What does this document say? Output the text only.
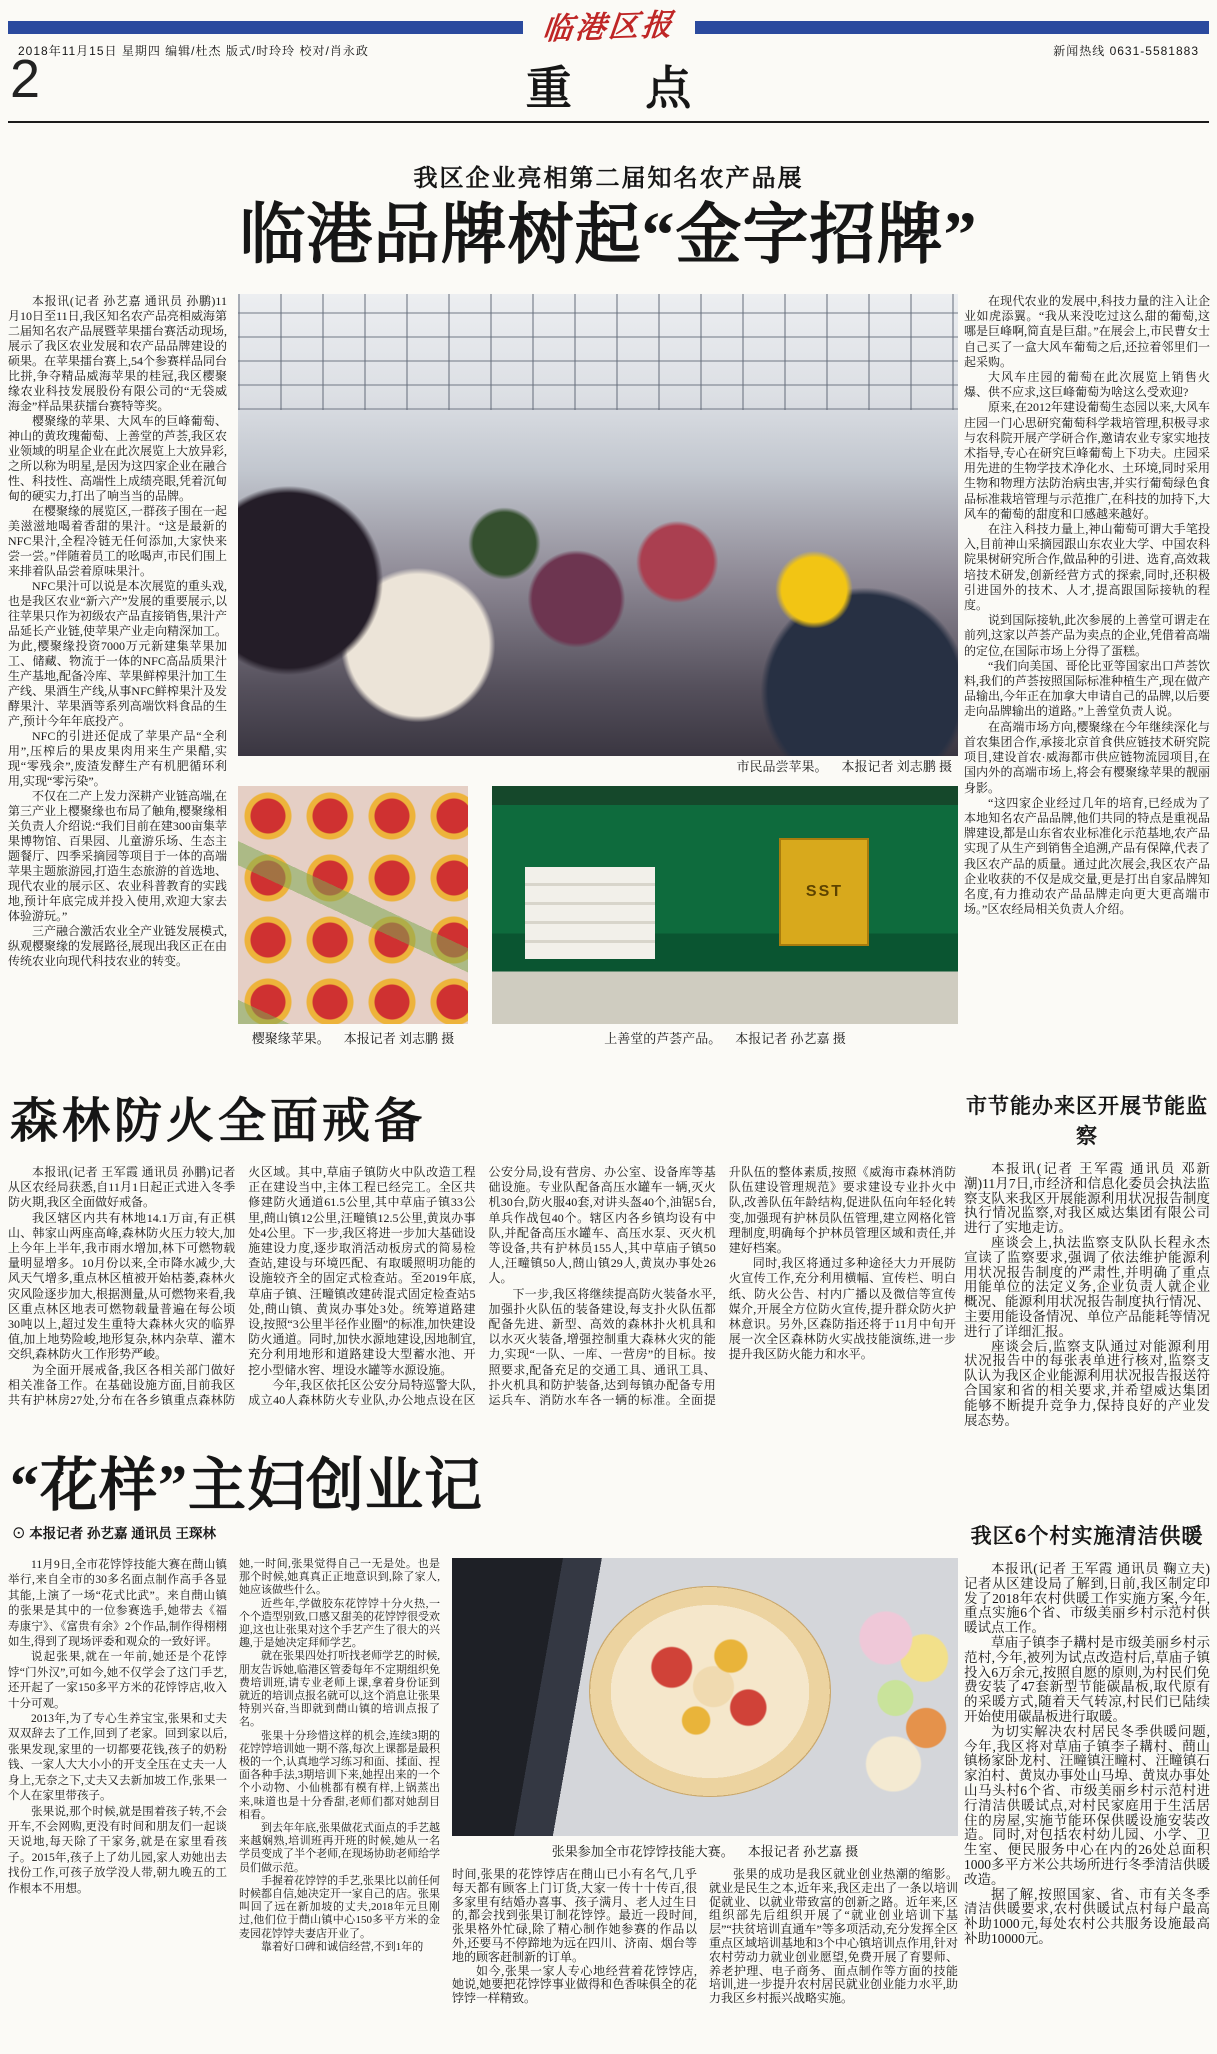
临港区报
2018年11月15日 星期四 编辑/杜杰 版式/时玲玲 校对/肖永政	新闻热线 0631-5581883
2	重点
我区企业亮相第二届知名农产品展
临港品牌树起“金字招牌”

本报讯(记者 孙艺嘉 通讯员 孙鹏)11月10日至11日,我区知名农产品亮相威海第二届知名农产品展暨苹果擂台赛活动现场,展示了我区农业发展和农产品品牌建设的硕果。在苹果擂台赛上,54个参赛样品同台比拼,争夺精品威海苹果的桂冠,我区樱聚缘农业科技发展股份有限公司的“无袋威海金”样品果获擂台赛特等奖。

樱聚缘的苹果、大风车的巨峰葡萄、神山的黄玫瑰葡萄、上善堂的芦荟,我区农业领域的明星企业在此次展览上大放异彩,之所以称为明星,是因为这四家企业在融合性、科技性、高端性上成绩亮眼,凭着沉甸甸的硬实力,打出了响当当的品牌。

在樱聚缘的展览区,一群孩子围在一起美滋滋地喝着香甜的果汁。“这是最新的NFC果汁,全程冷链无任何添加,大家快来尝一尝。”伴随着员工的吆喝声,市民们围上来排着队品尝着原味果汁。

NFC果汁可以说是本次展览的重头戏,也是我区农业“新六产”发展的重要展示,以往苹果只作为初级农产品直接销售,果汁产品延长产业链,使苹果产业走向精深加工。为此,樱聚缘投资7000万元新建集苹果加工、储藏、物流于一体的NFC高品质果汁生产基地,配备冷库、苹果鲜榨果汁加工生产线、果酒生产线,从事NFC鲜榨果汁及发酵果汁、苹果酒等系列高端饮料食品的生产,预计今年年底投产。

NFC的引进还促成了苹果产品“全利用”,压榨后的果皮果肉用来生产果醋,实现“零残余”,废渣发酵生产有机肥循环利用,实现“零污染”。

不仅在二产上发力深耕产业链高端,在第三产业上樱聚缘也布局了触角,樱聚缘相关负责人介绍说:“我们目前在建300亩集苹果博物馆、百果园、儿童游乐场、生态主题餐厅、四季采摘园等项目于一体的高端苹果主题旅游园,打造生态旅游的首选地、现代农业的展示区、农业科普教育的实践地,预计年底完成并投入使用,欢迎大家去体验游玩。”

三产融合激活农业全产业链发展模式,纵观樱聚缘的发展路径,展现出我区正在由传统农业向现代科技农业的转变。

市民品尝苹果。 本报记者 刘志鹏 摄
SST
樱聚缘苹果。 本报记者 刘志鹏 摄	上善堂的芦荟产品。 本报记者 孙艺嘉 摄

在现代农业的发展中,科技力量的注入让企业如虎添翼。“我从来没吃过这么甜的葡萄,这哪是巨峰啊,简直是巨甜。”在展会上,市民曹女士自己买了一盒大风车葡萄之后,还拉着邻里们一起采购。

大风车庄园的葡萄在此次展览上销售火爆、供不应求,这巨峰葡萄为啥这么受欢迎?

原来,在2012年建设葡萄生态园以来,大风车庄园一门心思研究葡萄科学栽培管理,积极寻求与农科院开展产学研合作,邀请农业专家实地技术指导,专心在研究巨峰葡萄上下功夫。庄园采用先进的生物学技术净化水、土环境,同时采用生物和物理方法防治病虫害,并实行葡萄绿色食品标准栽培管理与示范推广,在科技的加持下,大风车的葡萄的甜度和口感越来越好。

在注入科技力量上,神山葡萄可谓大手笔投入,目前神山采摘园跟山东农业大学、中国农科院果树研究所合作,做品种的引进、选育,高效栽培技术研发,创新经营方式的探索,同时,还积极引进国外的技术、人才,提高跟国际接轨的程度。

说到国际接轨,此次参展的上善堂可谓走在前列,这家以芦荟产品为卖点的企业,凭借着高端的定位,在国际市场上分得了蛋糕。

“我们向美国、哥伦比亚等国家出口芦荟饮料,我们的芦荟按照国际标准种植生产,现在做产品输出,今年正在加拿大申请自己的品牌,以后要走向品牌输出的道路。”上善堂负责人说。

在高端市场方向,樱聚缘在今年继续深化与首农集团合作,承接北京首食供应链技术研究院项目,建设首农·威海都市供应链物流园项目,在国内外的高端市场上,将会有樱聚缘苹果的靓丽身影。

“这四家企业经过几年的培育,已经成为了本地知名农产品品牌,他们共同的特点是重视品牌建设,都是山东省农业标准化示范基地,农产品实现了从生产到销售全追溯,产品有保障,代表了我区农产品的质量。通过此次展会,我区农产品企业收获的不仅是成交量,更是打出自家品牌知名度,有力推动农产品品牌走向更大更高端市场。”区农经局相关负责人介绍。

森林防火全面戒备

本报讯(记者 王军霞 通讯员 孙鹏)记者从区农经局获悉,自11月1日起正式进入冬季防火期,我区全面做好戒备。

我区辖区内共有林地14.1万亩,有正棋山、韩家山两座高峰,森林防火压力较大,加上今年上半年,我市雨水增加,林下可燃物载量明显增多。10月份以来,全市降水减少,大风天气增多,重点林区植被开始枯萎,森林火灾风险逐步加大,根据测量,从可燃物来看,我区重点林区地表可燃物载量普遍在每公顷30吨以上,超过发生重特大森林火灾的临界值,加上地势险峻,地形复杂,林内杂草、灌木交织,森林防火工作形势严峻。

为全面开展戒备,我区各相关部门做好相关准备工作。在基础设施方面,目前我区共有护林房27处,分布在各乡镇重点森林防火区域。其中,草庙子镇防火中队改造工程正在建设当中,主体工程已经完工。全区共修建防火通道61.5公里,其中草庙子镇33公里,蔄山镇12公里,汪疃镇12.5公里,黄岚办事处4公里。下一步,我区将进一步加大基础设施建设力度,逐步取消活动板房式的简易检查站,建设与环境匹配、有取暖照明功能的设施较齐全的固定式检查站。至2019年底,草庙子镇、汪疃镇改建砖混式固定检查站5处,蔄山镇、黄岚办事处3处。统筹道路建设,按照“3公里半径作业圈”的标准,加快建设防火通道。同时,加快水源地建设,因地制宜,充分利用地形和道路建设大型蓄水池、开挖小型储水窖、埋设水罐等水源设施。

今年,我区依托区公安分局特巡警大队,成立40人森林防火专业队,办公地点设在区公安分局,设有营房、办公室、设备库等基础设施。专业队配备高压水罐车一辆,灭火机30台,防火服40套,对讲头盔40个,油锯5台,单兵作战包40个。辖区内各乡镇均设有中队,并配备高压水罐车、高压水泵、灭火机等设备,共有护林员155人,其中草庙子镇50人,汪疃镇50人,蔄山镇29人,黄岚办事处26人。

下一步,我区将继续提高防火装备水平,加强扑火队伍的装备建设,每支扑火队伍都配备先进、新型、高效的森林扑火机具和以水灭火装备,增强控制重大森林火灾的能力,实现“一队、一库、一营房”的目标。按照要求,配备充足的交通工具、通讯工具、扑火机具和防护装备,达到每镇办配备专用运兵车、消防水车各一辆的标准。全面提升队伍的整体素质,按照《威海市森林消防队伍建设管理规范》要求建设专业扑火中队,改善队伍年龄结构,促进队伍向年轻化转变,加强现有护林员队伍管理,建立网格化管理制度,明确每个护林员管理区域和责任,并建好档案。

同时,我区将通过多种途径大力开展防火宣传工作,充分利用横幅、宣传栏、明白纸、防火公告、村内广播以及微信等宣传媒介,开展全方位防火宣传,提升群众防火护林意识。另外,区森防指还将于11月中旬开展一次全区森林防火实战技能演练,进一步提升我区防火能力和水平。

市节能办来区开展节能监察

本报讯(记者 王军霞 通讯员 邓新潮)11月7日,市经济和信息化委员会执法监察支队来我区开展能源利用状况报告制度执行情况监察,对我区威达集团有限公司进行了实地走访。

座谈会上,执法监察支队队长程永杰宣读了监察要求,强调了依法维护能源利用状况报告制度的严肃性,并明确了重点用能单位的法定义务,企业负责人就企业概况、能源利用状况报告制度执行情况、主要用能设备情况、单位产品能耗等情况进行了详细汇报。

座谈会后,监察支队通过对能源利用状况报告中的每张表单进行核对,监察支队认为我区企业能源利用状况报告报送符合国家和省的相关要求,并希望威达集团能够不断提升竞争力,保持良好的产业发展态势。

我区6个村实施清洁供暖

本报讯(记者 王军霞 通讯员 鞠立夫)记者从区建设局了解到,日前,我区制定印发了2018年农村供暖工作实施方案,今年,重点实施6个省、市级美丽乡村示范村供暖试点工作。

草庙子镇李子耩村是市级美丽乡村示范村,今年,被列为试点改造村后,草庙子镇投入6万余元,按照自愿的原则,为村民们免费安装了47套新型节能碳晶板,取代原有的采暖方式,随着天气转凉,村民们已陆续开始使用碳晶板进行取暖。

为切实解决农村居民冬季供暖问题,今年,我区将对草庙子镇李子耩村、蔄山镇杨家卧龙村、汪疃镇汪疃村、汪疃镇石家泊村、黄岚办事处山马埠、黄岚办事处山马头村6个省、市级美丽乡村示范村进行清洁供暖试点,对村民家庭用于生活居住的房屋,实施节能环保供暖设施安装改造。同时,对包括农村幼儿园、小学、卫生室、便民服务中心在内的26处总面积1000多平方米公共场所进行冬季清洁供暖改造。

据了解,按照国家、省、市有关冬季清洁供暖要求,农村供暖试点村每户最高补助1000元,每处农村公共服务设施最高补助10000元。

“花样”主妇创业记
⊙ 本报记者 孙艺嘉 通讯员 王琛林

11月9日,全市花饽饽技能大赛在蔄山镇举行,来自全市的30多名面点制作高手各显其能,上演了一场“花式比武”。来自蔄山镇的张果是其中的一位参赛选手,她带去《福寿康宁》、《富贵有余》2个作品,制作得栩栩如生,得到了现场评委和观众的一致好评。

说起张果,就在一年前,她还是个花饽饽“门外汉”,可如今,她不仅学会了这门手艺,还开起了一家150多平方米的花饽饽店,收入十分可观。

2013年,为了专心生养宝宝,张果和丈夫双双辞去了工作,回到了老家。回到家以后,张果发现,家里的一切都要花钱,孩子的奶粉钱、一家人大大小小的开支全压在丈夫一人身上,无奈之下,丈夫又去新加坡工作,张果一个人在家里带孩子。

张果说,那个时候,就是围着孩子转,不会开车,不会网购,更没有时间和朋友们一起谈天说地,每天除了干家务,就是在家里看孩子。2015年,孩子上了幼儿园,家人劝她出去找份工作,可孩子放学没人带,朝九晚五的工作根本不用想。

她,一时间,张果觉得自己一无是处。也是那个时候,她真真正正地意识到,除了家人,她应该做些什么。

近些年,学做胶东花饽饽十分火热,一个个造型别致,口感又甜美的花饽饽很受欢迎,这也让张果对这个手艺产生了很大的兴趣,于是她决定拜师学艺。

就在张果四处打听找老师学艺的时候,朋友告诉她,临港区管委每年不定期组织免费培训班,请专业老师上课,拿着身份证到就近的培训点报名就可以,这个消息让张果特别兴奋,当即就到蔄山镇的培训点报了名。

张果十分珍惜这样的机会,连续3期的花饽饽培训她一期不落,每次上课都是最积极的一个,认真地学习练习和面、揉面、捏面各种手法,3期培训下来,她捏出来的一个个小动物、小仙桃都有模有样,上锅蒸出来,味道也是十分香甜,老师们都对她刮目相看。

到去年年底,张果做花式面点的手艺越来越娴熟,培训班再开班的时候,她从一名学员变成了半个老师,在现场协助老师给学员们做示范。

手握着花饽饽的手艺,张果比以前任何时候都自信,她决定开一家自己的店。张果叫回了远在新加坡的丈夫,2018年元旦刚过,他们位于蔄山镇中心150多平方米的金麦园花饽饽夫妻店开业了。

靠着好口碑和诚信经营,不到1年的

张果参加全市花饽饽技能大赛。 本报记者 孙艺嘉 摄

时间,张果的花饽饽店在蔄山已小有名气,几乎每天都有顾客上门订货,大家一传十十传百,很多家里有结婚办喜事、孩子满月、老人过生日的,都会找到张果订制花饽饽。最近一段时间,张果格外忙碌,除了精心制作她参赛的作品以外,还要马不停蹄地为远在四川、济南、烟台等地的顾客赶制新的订单。

如今,张果一家人专心地经营着花饽饽店,她说,她要把花饽饽事业做得和色香味俱全的花饽饽一样精致。

张果的成功是我区就业创业热潮的缩影。就业是民生之本,近年来,我区走出了一条以培训促就业、以就业带致富的创新之路。近年来,区组织部先后组织开展了“就业创业培训下基层”“扶贫培训直通车”等多项活动,充分发挥全区重点区域培训基地和3个中心镇培训点作用,针对农村劳动力就业创业愿望,免费开展了育婴师、养老护理、电子商务、面点制作等方面的技能培训,进一步提升农村居民就业创业能力水平,助力我区乡村振兴战略实施。
